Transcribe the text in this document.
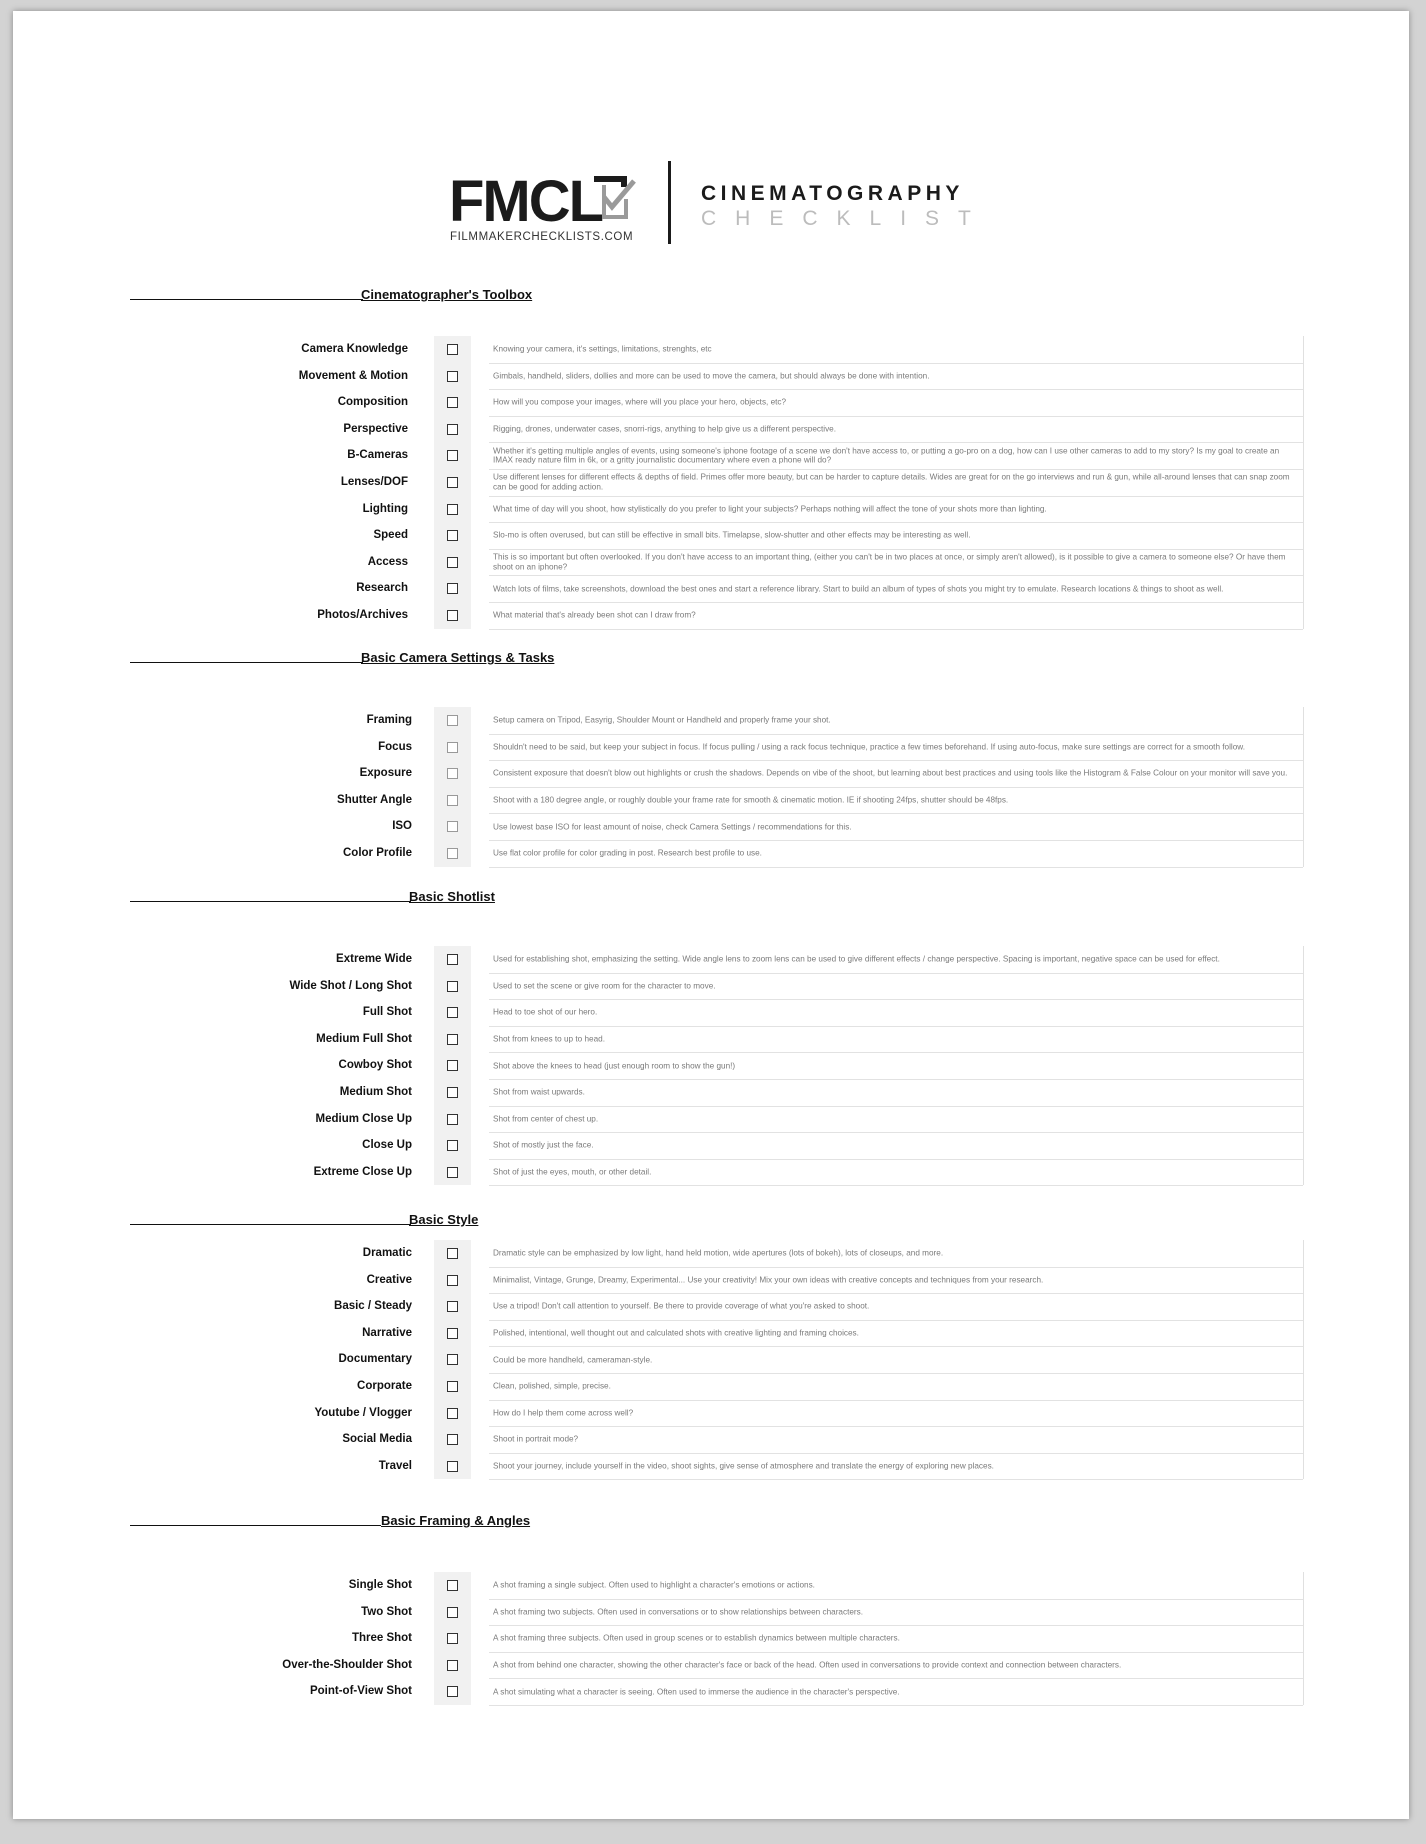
FMCL
FILMMAKERCHECKLISTS.COM
CINEMATOGRAPHY
CHECKLIST
Cinematographer's Toolbox
Camera Knowledge	Knowing your camera, it's settings, limitations, strenghts, etc
Movement & Motion	Gimbals, handheld, sliders, dollies and more can be used to move the camera, but should always be done with intention.
Composition	How will you compose your images, where will you place your hero, objects, etc?
Perspective	Rigging, drones, underwater cases, snorri-rigs, anything to help give us a different perspective.
B-Cameras	Whether it's getting multiple angles of events, using someone's iphone footage of a scene we don't have access to, or putting a go-pro on a dog, how can I use other cameras to add to my story? Is my goal to create an IMAX ready nature film in 6k, or a gritty journalistic documentary where even a phone will do?
Lenses/DOF	Use different lenses for different effects & depths of field. Primes offer more beauty, but can be harder to capture details. Wides are great for on the go interviews and run & gun, while all-around lenses that can snap zoom can be good for adding action.
Lighting	What time of day will you shoot, how stylistically do you prefer to light your subjects? Perhaps nothing will affect the tone of your shots more than lighting.
Speed	Slo-mo is often overused, but can still be effective in small bits. Timelapse, slow-shutter and other effects may be interesting as well.
Access	This is so important but often overlooked. If you don't have access to an important thing, (either you can't be in two places at once, or simply aren't allowed), is it possible to give a camera to someone else? Or have them shoot on an iphone?
Research	Watch lots of films, take screenshots, download the best ones and start a reference library. Start to build an album of types of shots you might try to emulate. Research locations & things to shoot as well.
Photos/Archives	What material that's already been shot can I draw from?
Basic Camera Settings & Tasks
Framing	Setup camera on Tripod, Easyrig, Shoulder Mount or Handheld and properly frame your shot.
Focus	Shouldn't need to be said, but keep your subject in focus. If focus pulling / using a rack focus technique, practice a few times beforehand. If using auto-focus, make sure settings are correct for a smooth follow.
Exposure	Consistent exposure that doesn't blow out highlights or crush the shadows. Depends on vibe of the shoot, but learning about best practices and using tools like the Histogram & False Colour on your monitor will save you.
Shutter Angle	Shoot with a 180 degree angle, or roughly double your frame rate for smooth & cinematic motion. IE if shooting 24fps, shutter should be 48fps.
ISO	Use lowest base ISO for least amount of noise, check Camera Settings / recommendations for this.
Color Profile	Use flat color profile for color grading in post. Research best profile to use.
Basic Shotlist
Extreme Wide	Used for establishing shot, emphasizing the setting. Wide angle lens to zoom lens can be used to give different effects / change perspective. Spacing is important, negative space can be used for effect.
Wide Shot / Long Shot	Used to set the scene or give room for the character to move.
Full Shot	Head to toe shot of our hero.
Medium Full Shot	Shot from knees to up to head.
Cowboy Shot	Shot above the knees to head (just enough room to show the gun!)
Medium Shot	Shot from waist upwards.
Medium Close Up	Shot from center of chest up.
Close Up	Shot of mostly just the face.
Extreme Close Up	Shot of just the eyes, mouth, or other detail.
Basic Style
Dramatic	Dramatic style can be emphasized by low light, hand held motion, wide apertures (lots of bokeh), lots of closeups, and more.
Creative	Minimalist, Vintage, Grunge, Dreamy, Experimental... Use your creativity! Mix your own ideas with creative concepts and techniques from your research.
Basic / Steady	Use a tripod! Don't call attention to yourself. Be there to provide coverage of what you're asked to shoot.
Narrative	Polished, intentional, well thought out and calculated shots with creative lighting and framing choices.
Documentary	Could be more handheld, cameraman-style.
Corporate	Clean, polished, simple, precise.
Youtube / Vlogger	How do I help them come across well?
Social Media	Shoot in portrait mode?
Travel	Shoot your journey, include yourself in the video, shoot sights, give sense of atmosphere and translate the energy of exploring new places.
Basic Framing & Angles
Single Shot	A shot framing a single subject. Often used to highlight a character's emotions or actions.
Two Shot	A shot framing two subjects. Often used in conversations or to show relationships between characters.
Three Shot	A shot framing three subjects. Often used in group scenes or to establish dynamics between multiple characters.
Over-the-Shoulder Shot	A shot from behind one character, showing the other character's face or back of the head. Often used in conversations to provide context and connection between characters.
Point-of-View Shot	A shot simulating what a character is seeing. Often used to immerse the audience in the character's perspective.
